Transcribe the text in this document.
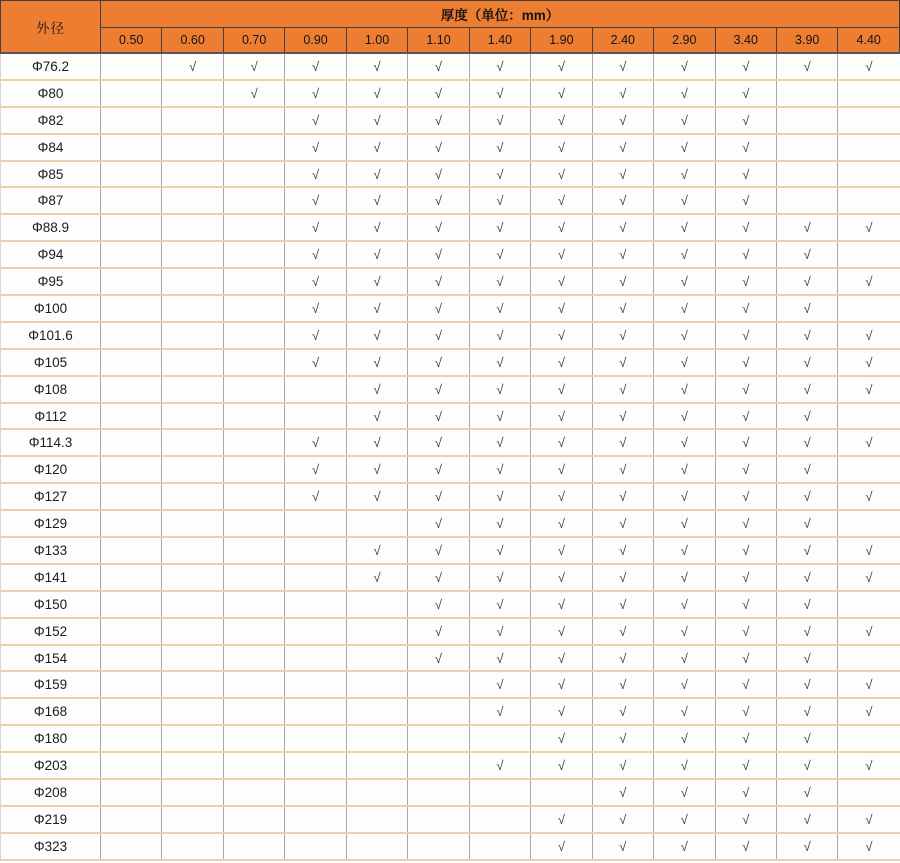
外径	厚度（单位：mm）												
	0.50	0.60	0.70	0.90	1.00	1.10	1.40	1.90	2.40	2.90	3.40	3.90	4.40
Φ76.2		√	√	√	√	√	√	√	√	√	√	√	√
Φ80			√	√	√	√	√	√	√	√	√		
Φ82				√	√	√	√	√	√	√	√		
Φ84				√	√	√	√	√	√	√	√		
Φ85				√	√	√	√	√	√	√	√		
Φ87				√	√	√	√	√	√	√	√		
Φ88.9				√	√	√	√	√	√	√	√	√	√
Φ94				√	√	√	√	√	√	√	√	√	
Φ95				√	√	√	√	√	√	√	√	√	√
Φ100				√	√	√	√	√	√	√	√	√	
Φ101.6				√	√	√	√	√	√	√	√	√	√
Φ105				√	√	√	√	√	√	√	√	√	√
Φ108					√	√	√	√	√	√	√	√	√
Φ112					√	√	√	√	√	√	√	√	
Φ114.3				√	√	√	√	√	√	√	√	√	√
Φ120				√	√	√	√	√	√	√	√	√	
Φ127				√	√	√	√	√	√	√	√	√	√
Φ129						√	√	√	√	√	√	√	
Φ133					√	√	√	√	√	√	√	√	√
Φ141					√	√	√	√	√	√	√	√	√
Φ150						√	√	√	√	√	√	√	
Φ152						√	√	√	√	√	√	√	√
Φ154						√	√	√	√	√	√	√	
Φ159							√	√	√	√	√	√	√
Φ168							√	√	√	√	√	√	√
Φ180								√	√	√	√	√	
Φ203							√	√	√	√	√	√	√
Φ208									√	√	√	√	
Φ219								√	√	√	√	√	√
Φ323								√	√	√	√	√	√
